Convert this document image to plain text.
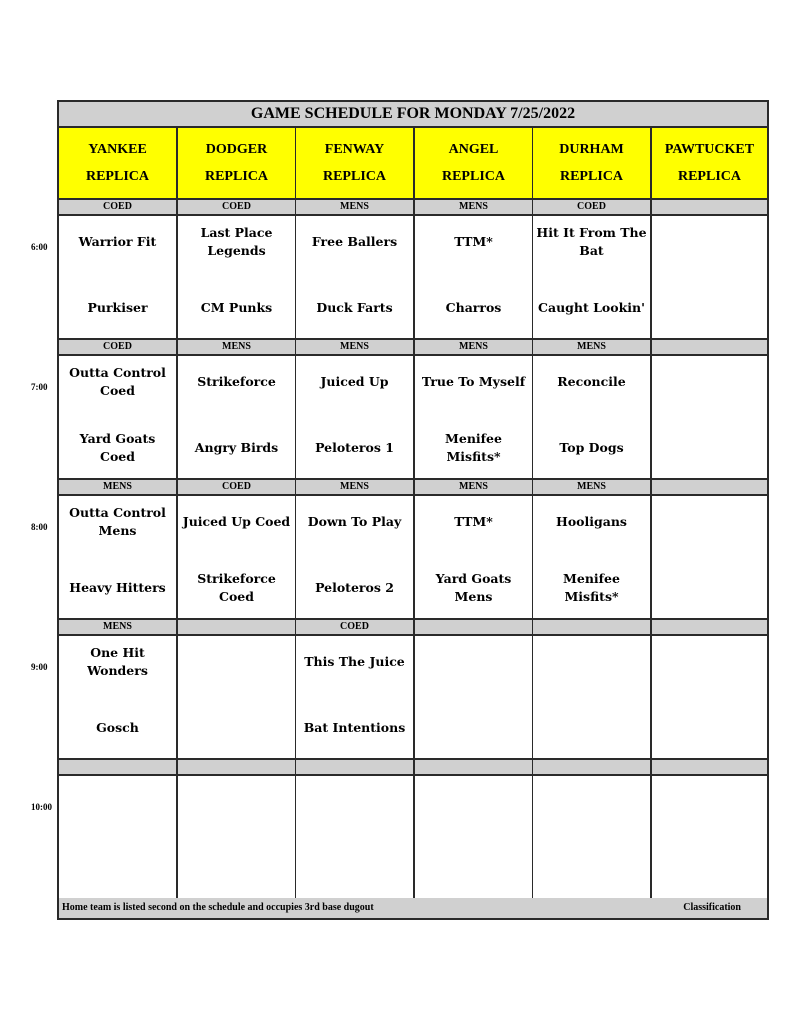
GAME SCHEDULE FOR MONDAY 7/25/2022
Home team is listed second on the schedule and occupies 3rd base dugout	Classification
YANKEE
REPLICA
DODGER
REPLICA
FENWAY
REPLICA
ANGEL
REPLICA
DURHAM
REPLICA
PAWTUCKET
REPLICA
COED
Warrior Fit
Purkiser
COED
Last Place Legends
CM Punks
MENS
Free Ballers
Duck Farts
MENS
TTM*
Charros
COED
Hit It From The Bat
Caught Lookin'
COED
Outta Control Coed
Yard Goats Coed
MENS
Strikeforce
Angry Birds
MENS
Juiced Up
Peloteros 1
MENS
True To Myself
Menifee Misfits*
MENS
Reconcile
Top Dogs
MENS
Outta Control Mens
Heavy Hitters
COED
Juiced Up Coed
Strikeforce Coed
MENS
Down To Play
Peloteros 2
MENS
TTM*
Yard Goats Mens
MENS
Hooligans
Menifee Misfits*
MENS
One Hit Wonders
Gosch
COED
This The Juice
Bat Intentions
6:00
7:00
8:00
9:00
10:00
